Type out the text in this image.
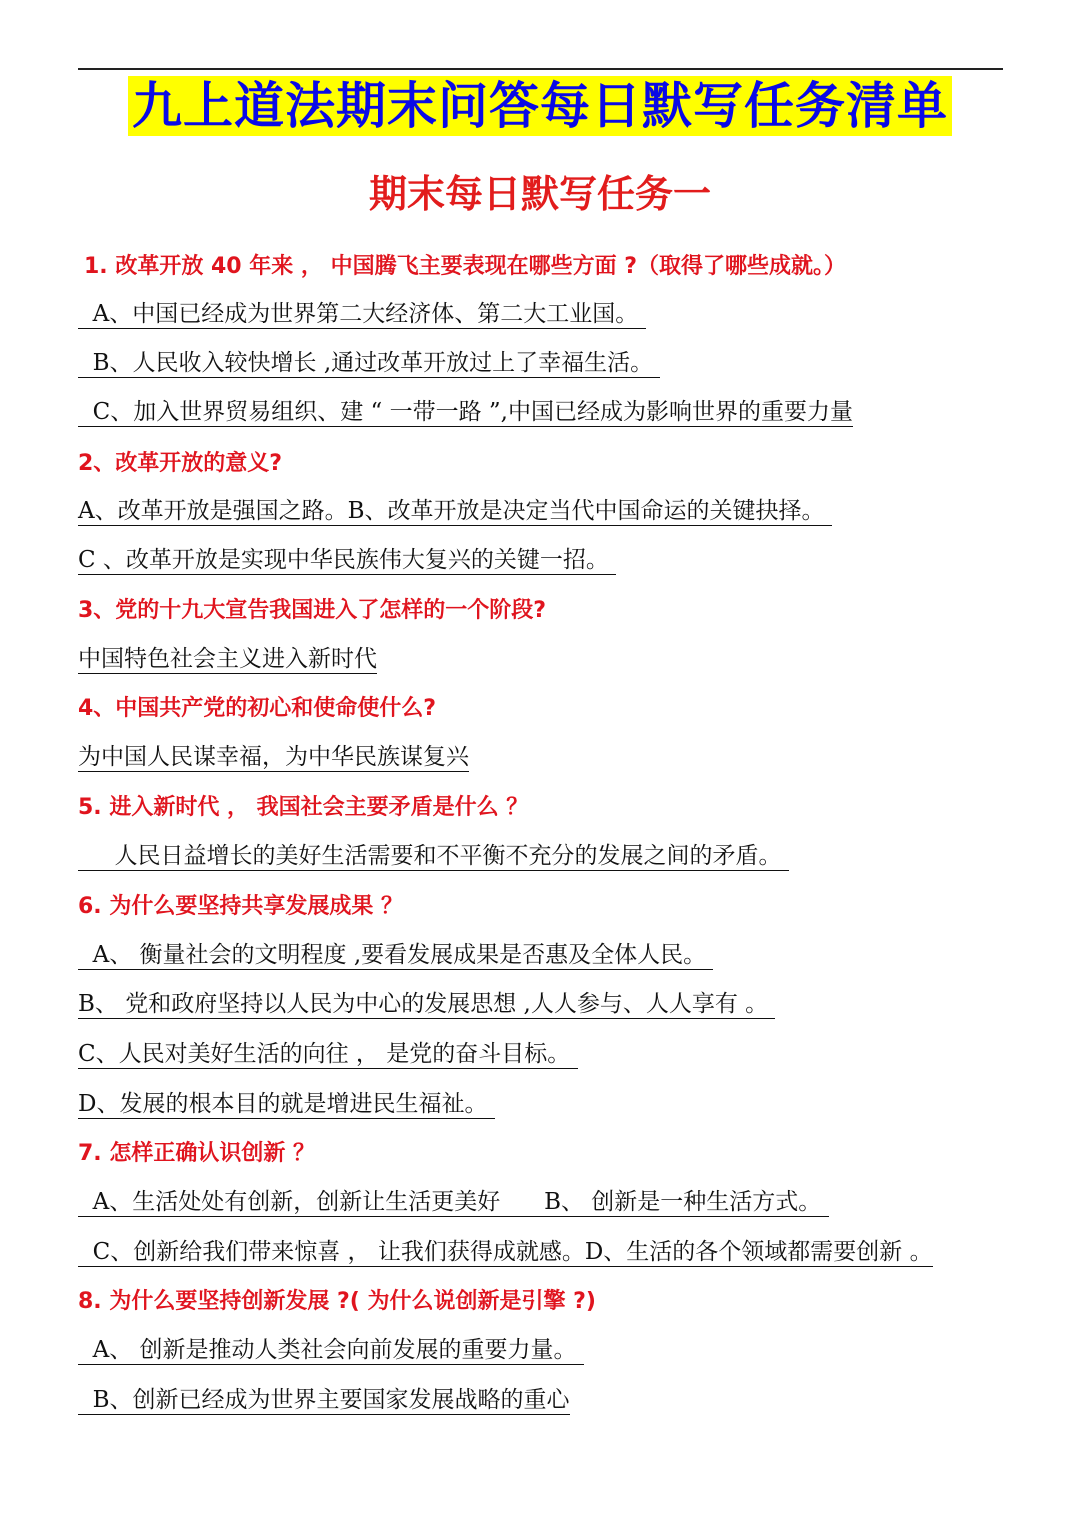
九上道法期末问答每日默写任务清单
期末每日默写任务一
1. 改革开放 40 年来 ， 中国腾飞主要表现在哪些方面 ?（取得了哪些成就。）
A、中国已经成为世界第二大经济体、第二大工业国。
B、人民收入较快增长 ,通过改革开放过上了幸福生活。
C、加入世界贸易组织、建 “ 一带一路 ”,中国已经成为影响世界的重要力量
2、改革开放的意义?
A、改革开放是强国之路。B、改革开放是决定当代中国命运的关键抉择。
C 、改革开放是实现中华民族伟大复兴的关键一招。
3、党的十九大宣告我国进入了怎样的一个阶段?
中国特色社会主义进入新时代
4、中国共产党的初心和使命使什么?
为中国人民谋幸福，为中华民族谋复兴
5. 进入新时代 ， 我国社会主要矛盾是什么 ？
人民日益增长的美好生活需要和不平衡不充分的发展之间的矛盾。
6. 为什么要坚持共享发展成果 ？
A、 衡量社会的文明程度 ,要看发展成果是否惠及全体人民。
B、 党和政府坚持以人民为中心的发展思想 ,人人参与、人人享有 。
C、人民对美好生活的向往 ， 是党的奋斗目标。
D、发展的根本目的就是增进民生福祉。
7. 怎样正确认识创新 ？
A、生活处处有创新，创新让生活更美好      B、 创新是一种生活方式。
C、创新给我们带来惊喜 ， 让我们获得成就感。D、生活的各个领域都需要创新 。
8. 为什么要坚持创新发展 ?( 为什么说创新是引擎 ?)
A、 创新是推动人类社会向前发展的重要力量。
B、创新已经成为世界主要国家发展战略的重心
